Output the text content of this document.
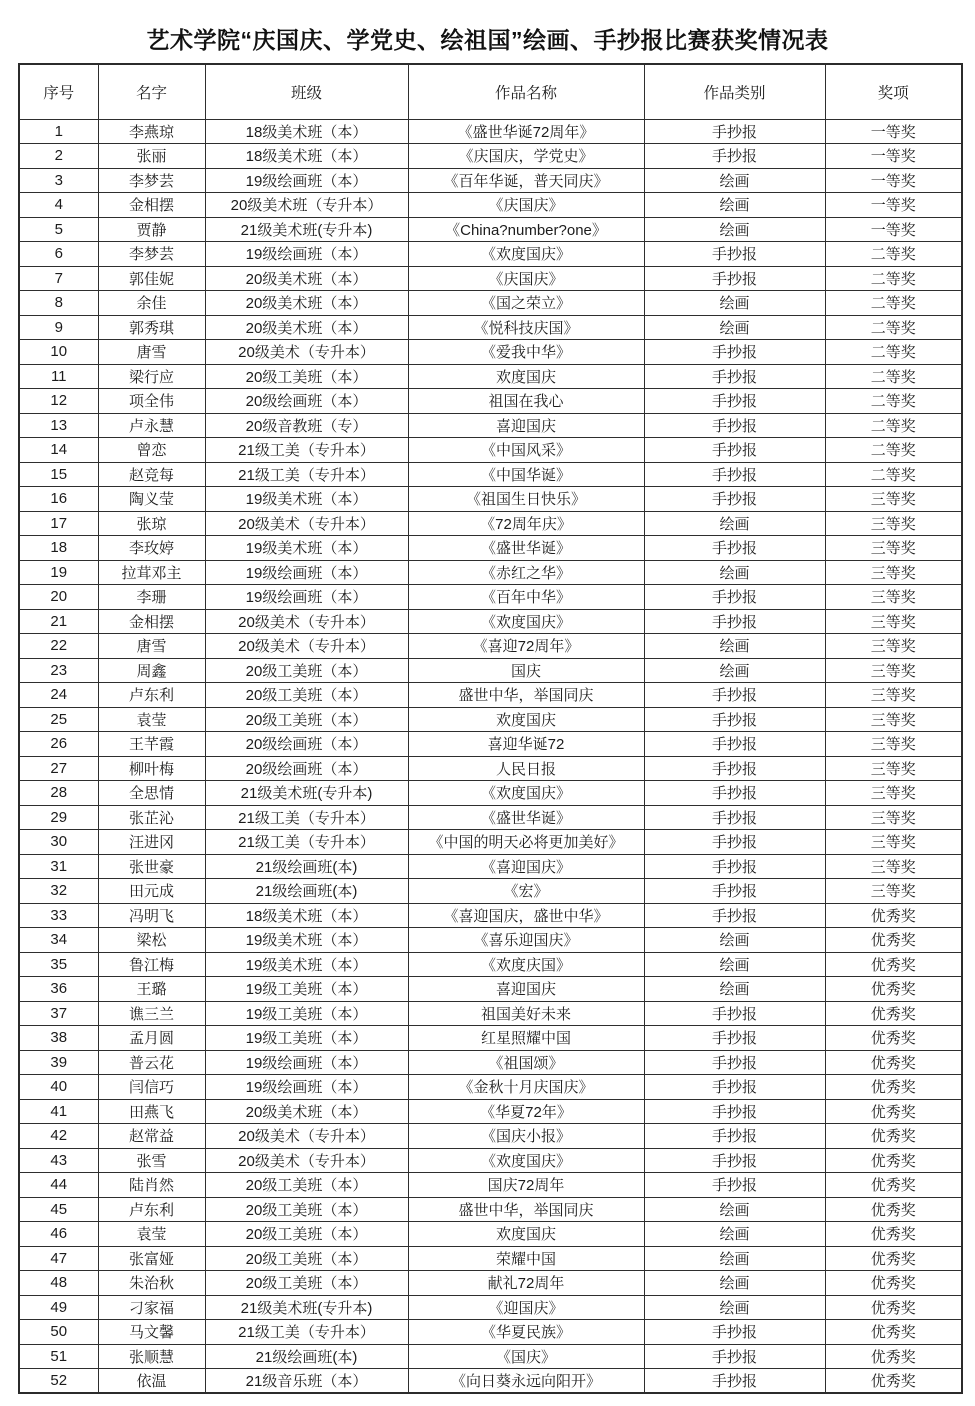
艺术学院“庆国庆、学党史、绘祖国”绘画、手抄报比赛获奖情况表
序号	名字	班级	作品名称	作品类别	奖项
1	李燕琼	18级美术班（本）	《盛世华诞72周年》	手抄报	一等奖
2	张丽	18级美术班（本）	《庆国庆，学党史》	手抄报	一等奖
3	李梦芸	19级绘画班（本）	《百年华诞，普天同庆》	绘画	一等奖
4	金相摆	20级美术班（专升本）	《庆国庆》	绘画	一等奖
5	贾静	21级美术班(专升本)	《China?number?one》	绘画	一等奖
6	李梦芸	19级绘画班（本）	《欢度国庆》	手抄报	二等奖
7	郭佳妮	20级美术班（本）	《庆国庆》	手抄报	二等奖
8	余佳	20级美术班（本）	《国之荣立》	绘画	二等奖
9	郭秀琪	20级美术班（本）	《悦科技庆国》	绘画	二等奖
10	唐雪	20级美术（专升本）	《爱我中华》	手抄报	二等奖
11	梁行应	20级工美班（本）	欢度国庆	手抄报	二等奖
12	项全伟	20级绘画班（本）	祖国在我心	手抄报	二等奖
13	卢永慧	20级音教班（专）	喜迎国庆	手抄报	二等奖
14	曾恋	21级工美（专升本）	《中国风采》	手抄报	二等奖
15	赵竞每	21级工美（专升本）	《中国华诞》	手抄报	二等奖
16	陶义莹	19级美术班（本）	《祖国生日快乐》	手抄报	三等奖
17	张琼	20级美术（专升本）	《72周年庆》	绘画	三等奖
18	李玫婷	19级美术班（本）	《盛世华诞》	手抄报	三等奖
19	拉茸邓主	19级绘画班（本）	《赤红之华》	绘画	三等奖
20	李珊	19级绘画班（本）	《百年中华》	手抄报	三等奖
21	金相摆	20级美术（专升本）	《欢度国庆》	手抄报	三等奖
22	唐雪	20级美术（专升本）	《喜迎72周年》	绘画	三等奖
23	周鑫	20级工美班（本）	国庆	绘画	三等奖
24	卢东利	20级工美班（本）	盛世中华，举国同庆	手抄报	三等奖
25	袁莹	20级工美班（本）	欢度国庆	手抄报	三等奖
26	王芊霞	20级绘画班（本）	喜迎华诞72	手抄报	三等奖
27	柳叶梅	20级绘画班（本）	人民日报	手抄报	三等奖
28	全思情	21级美术班(专升本)	《欢度国庆》	手抄报	三等奖
29	张芷沁	21级工美（专升本）	《盛世华诞》	手抄报	三等奖
30	汪进冈	21级工美（专升本）	《中国的明天必将更加美好》	手抄报	三等奖
31	张世豪	21级绘画班(本)	《喜迎国庆》	手抄报	三等奖
32	田元成	21级绘画班(本)	《宏》	手抄报	三等奖
33	冯明飞	18级美术班（本）	《喜迎国庆，盛世中华》	手抄报	优秀奖
34	梁松	19级美术班（本）	《喜乐迎国庆》	绘画	优秀奖
35	鲁江梅	19级美术班（本）	《欢度庆国》	绘画	优秀奖
36	王璐	19级工美班（本）	喜迎国庆	绘画	优秀奖
37	谯三兰	19级工美班（本）	祖国美好未来	手抄报	优秀奖
38	孟月圆	19级工美班（本）	红星照耀中国	手抄报	优秀奖
39	普云花	19级绘画班（本）	《祖国颂》	手抄报	优秀奖
40	闫信巧	19级绘画班（本）	《金秋十月庆国庆》	手抄报	优秀奖
41	田燕飞	20级美术班（本）	《华夏72年》	手抄报	优秀奖
42	赵常益	20级美术（专升本）	《国庆小报》	手抄报	优秀奖
43	张雪	20级美术（专升本）	《欢度国庆》	手抄报	优秀奖
44	陆肖然	20级工美班（本）	国庆72周年	手抄报	优秀奖
45	卢东利	20级工美班（本）	盛世中华，举国同庆	绘画	优秀奖
46	袁莹	20级工美班（本）	欢度国庆	绘画	优秀奖
47	张富娅	20级工美班（本）	荣耀中国	绘画	优秀奖
48	朱治秋	20级工美班（本）	献礼72周年	绘画	优秀奖
49	刁家福	21级美术班(专升本)	《迎国庆》	绘画	优秀奖
50	马文馨	21级工美（专升本）	《华夏民族》	手抄报	优秀奖
51	张顺慧	21级绘画班(本)	《国庆》	手抄报	优秀奖
52	依温	21级音乐班（本）	《向日葵永远向阳开》	手抄报	优秀奖
